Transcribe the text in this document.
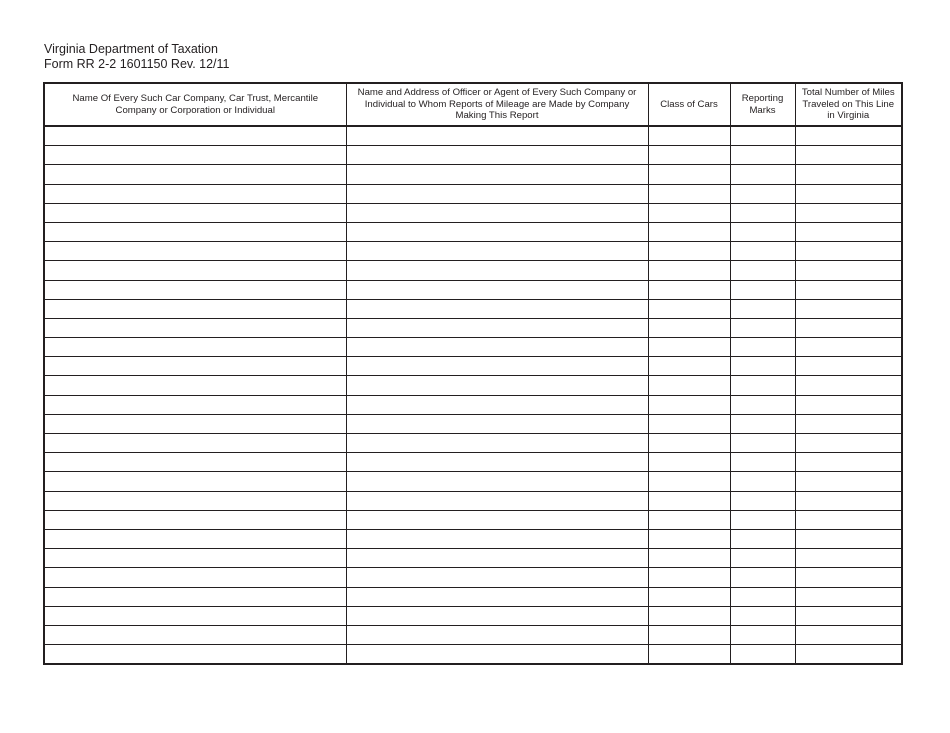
Virginia Department of Taxation
Form RR 2-2 1601150 Rev. 12/11
Name Of Every Such Car Company, Car Trust, Mercantile Company or Corporation or Individual	Name and Address of Officer or Agent of Every Such Company or Individual to Whom Reports of Mileage are Made by Company Making This Report	Class of Cars	Reporting Marks	Total Number of Miles Traveled on This Line in Virginia
